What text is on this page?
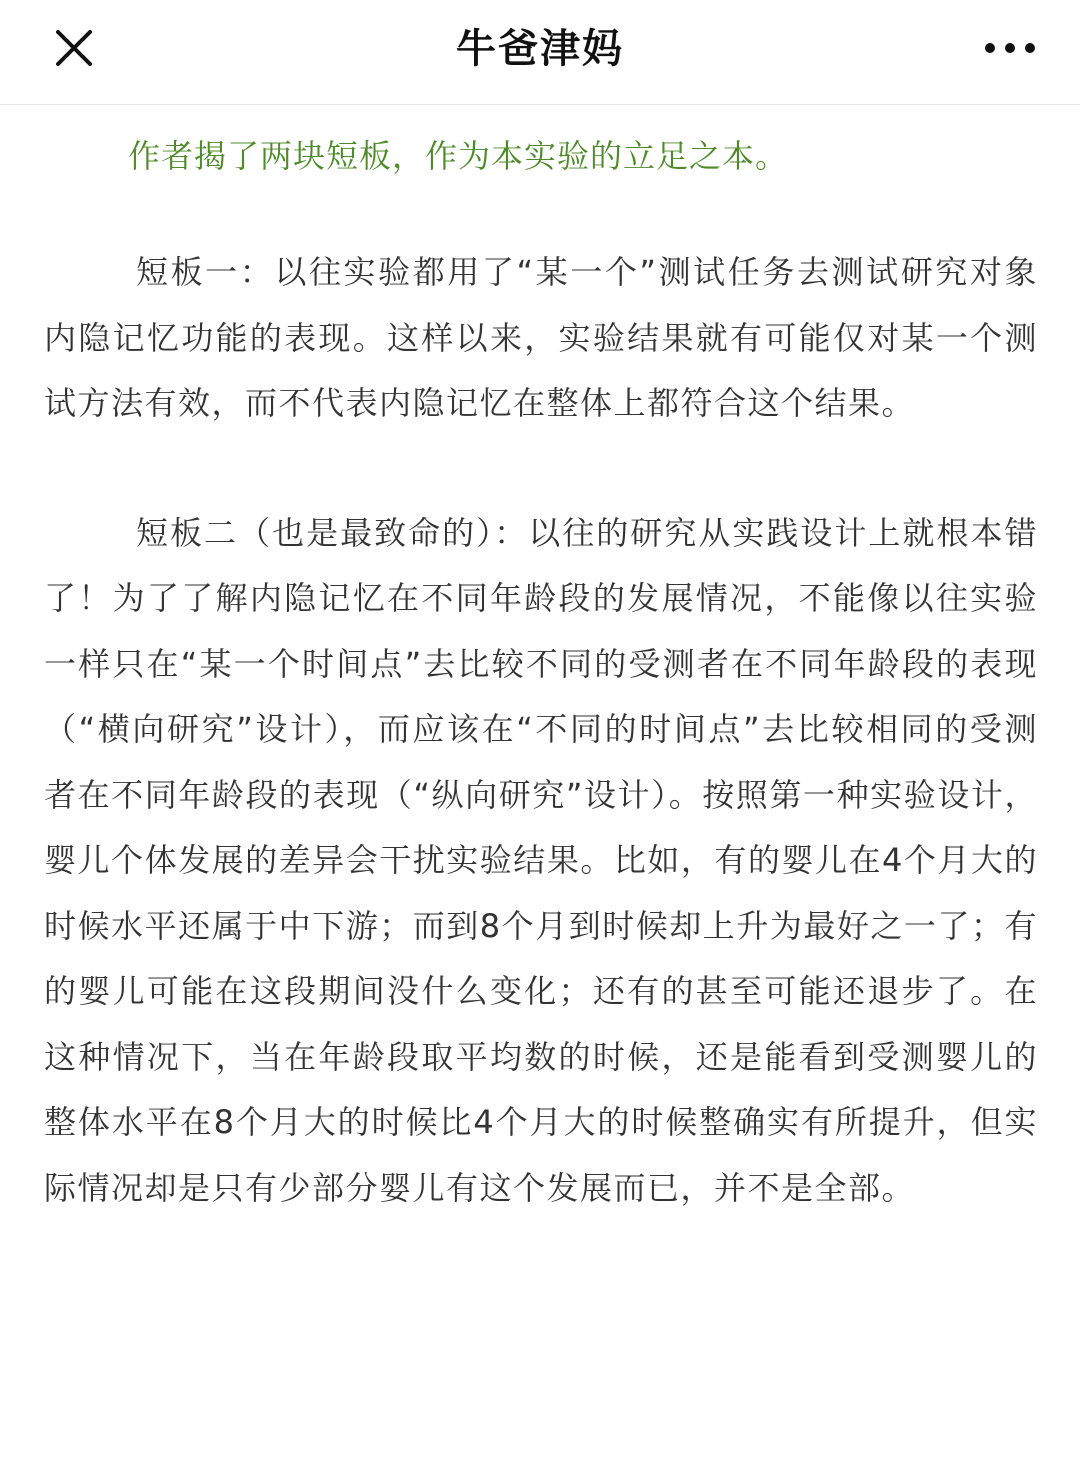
牛爸津妈
作者揭了两块短板，作为本实验的立足之本。

短板一：以往实验都用了“某一个”测试任务去测试研究对象内隐记忆功能的表现。这样以来，实验结果就有可能仅对某一个测试方法有效，而不代表内隐记忆在整体上都符合这个结果。

短板二（也是最致命的）：以往的研究从实践设计上就根本错了！为了了解内隐记忆在不同年龄段的发展情况，不能像以往实验一样只在“某一个时间点”去比较不同的受测者在不同年龄段的表现（“横向研究”设计），而应该在“不同的时间点”去比较相同的受测者在不同年龄段的表现（“纵向研究”设计）。按照第一种实验设计，婴儿个体发展的差异会干扰实验结果。比如，有的婴儿在4个月大的时候水平还属于中下游；而到8个月到时候却上升为最好之一了；有的婴儿可能在这段期间没什么变化；还有的甚至可能还退步了。在这种情况下，当在年龄段取平均数的时候，还是能看到受测婴儿的整体水平在8个月大的时候比4个月大的时候整确实有所提升，但实际情况却是只有少部分婴儿有这个发展而已，并不是全部。
